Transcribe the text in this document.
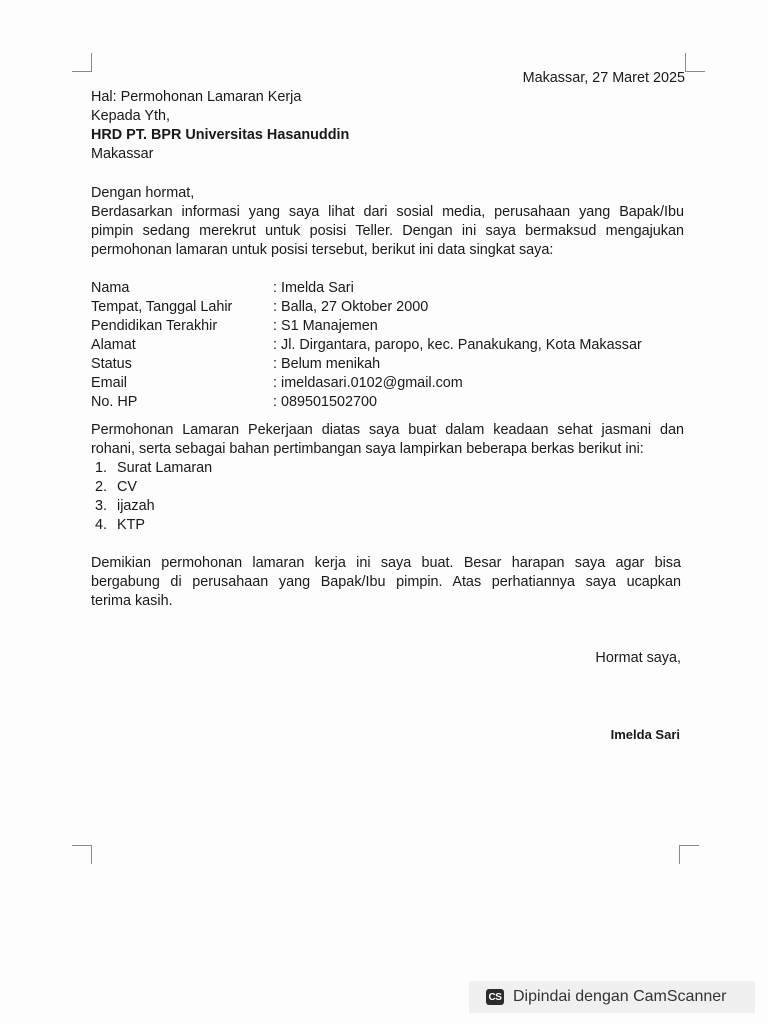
Makassar, 27 Maret 2025
Hal: Permohonan Lamaran Kerja
Kepada Yth,
HRD PT. BPR Universitas Hasanuddin
Makassar
Dengan hormat,
Berdasarkan informasi yang saya lihat dari sosial media, perusahaan yang Bapak/Ibu
pimpin sedang merekrut untuk posisi Teller. Dengan ini saya bermaksud mengajukan
permohonan lamaran untuk posisi tersebut, berikut ini data singkat saya:
Nama	: Imelda Sari
Tempat, Tanggal Lahir	: Balla, 27 Oktober 2000
Pendidikan Terakhir	: S1 Manajemen
Alamat	: Jl. Dirgantara, paropo, kec. Panakukang, Kota Makassar
Status	: Belum menikah
Email	: imeldasari.0102@gmail.com
No. HP	: 089501502700
Permohonan Lamaran Pekerjaan diatas saya buat dalam keadaan sehat jasmani dan
rohani, serta sebagai bahan pertimbangan saya lampirkan beberapa berkas berikut ini:
1. Surat Lamaran
2. CV
3. ijazah
4. KTP
Demikian permohonan lamaran kerja ini saya buat. Besar harapan saya agar bisa
bergabung di perusahaan yang Bapak/Ibu pimpin. Atas perhatiannya saya ucapkan
terima kasih.
Hormat saya,
Imelda Sari
CS Dipindai dengan CamScanner
